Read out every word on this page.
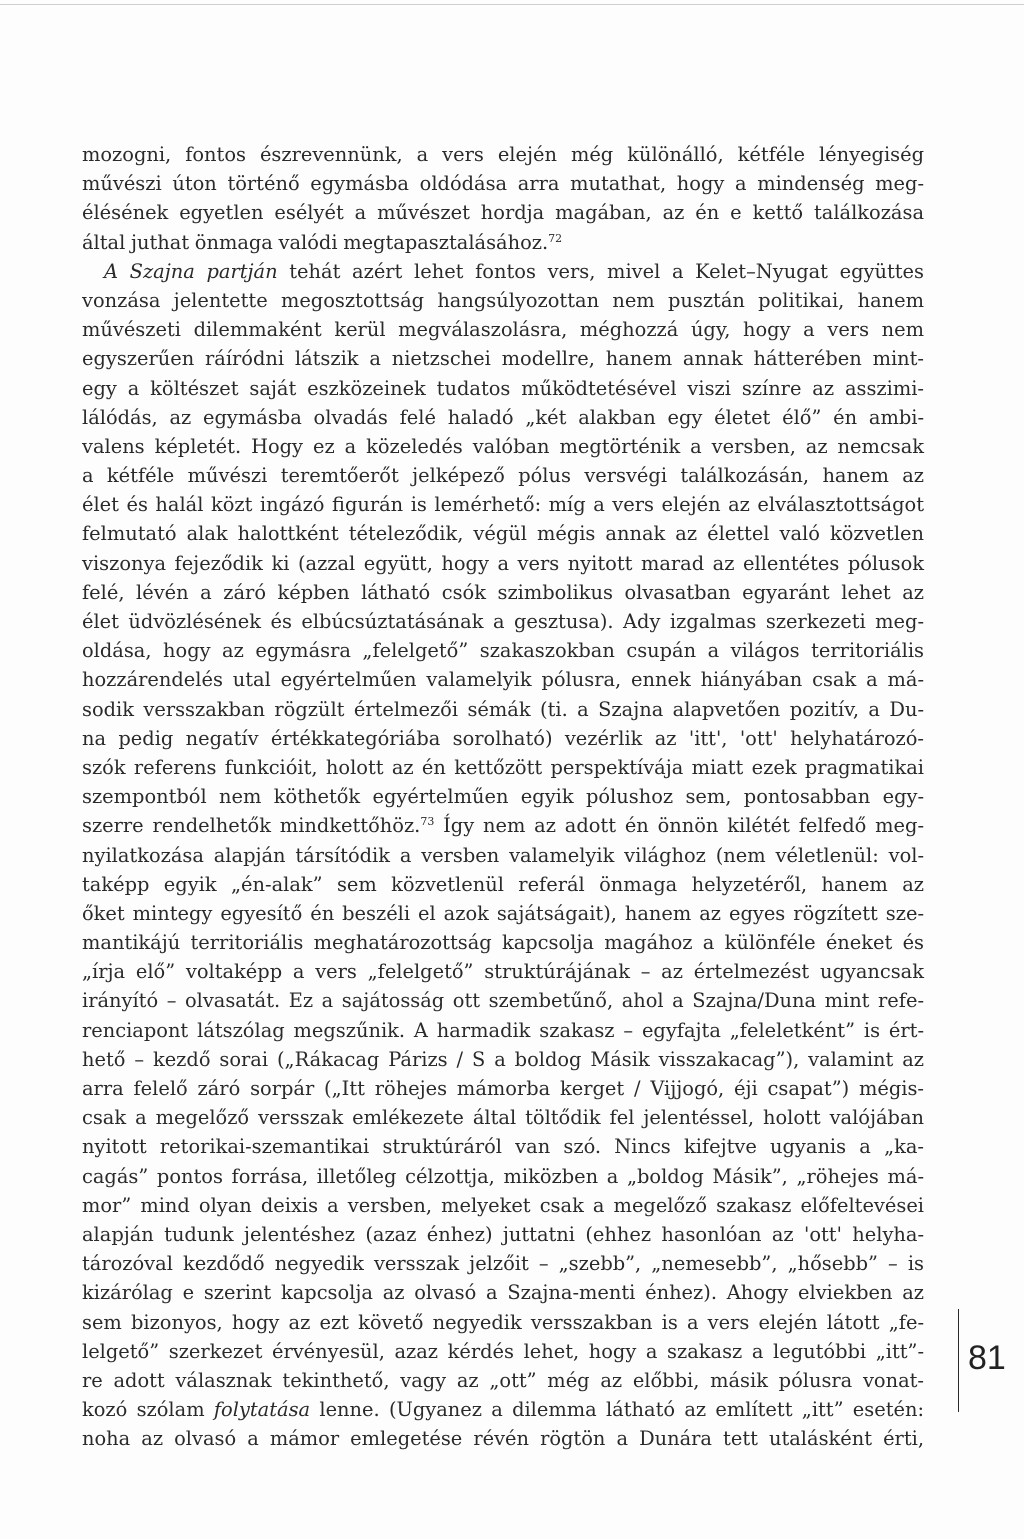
mozogni, fontos észrevennünk, a vers elején még különálló, kétféle lényegiség
művészi úton történő egymásba oldódása arra mutathat, hogy a mindenség meg-
élésének egyetlen esélyét a művészet hordja magában, az én e kettő találkozása
által juthat önmaga valódi megtapasztalásához.$^{72}$
A Szajna partján tehát azért lehet fontos vers, mivel a Kelet–Nyugat együttes
vonzása jelentette megosztottság hangsúlyozottan nem pusztán politikai, hanem
művészeti dilemmaként kerül megválaszolásra, méghozzá úgy, hogy a vers nem
egyszerűen ráíródni látszik a nietzschei modellre, hanem annak hátterében mint-
egy a költészet saját eszközeinek tudatos működtetésével viszi színre az asszimi-
lálódás, az egymásba olvadás felé haladó „két alakban egy életet élő” én ambi-
valens képletét. Hogy ez a közeledés valóban megtörténik a versben, az nemcsak
a kétféle művészi teremtőerőt jelképező pólus versvégi találkozásán, hanem az
élet és halál közt ingázó figurán is lemérhető: míg a vers elején az elválasztottságot
felmutató alak halottként tételeződik, végül mégis annak az élettel való közvetlen
viszonya fejeződik ki (azzal együtt, hogy a vers nyitott marad az ellentétes pólusok
felé, lévén a záró képben látható csók szimbolikus olvasatban egyaránt lehet az
élet üdvözlésének és elbúcsúztatásának a gesztusa). Ady izgalmas szerkezeti meg-
oldása, hogy az egymásra „felelgető” szakaszokban csupán a világos territoriális
hozzárendelés utal egyértelműen valamelyik pólusra, ennek hiányában csak a má-
sodik versszakban rögzült értelmezői sémák (ti. a Szajna alapvetően pozitív, a Du-
na pedig negatív értékkategóriába sorolható) vezérlik az 'itt', 'ott' helyhatározó-
szók referens funkcióit, holott az én kettőzött perspektívája miatt ezek pragmatikai
szempontból nem köthetők egyértelműen egyik pólushoz sem, pontosabban egy-
szerre rendelhetők mindkettőhöz.$^{73}$ Így nem az adott én önnön kilétét felfedő meg-
nyilatkozása alapján társítódik a versben valamelyik világhoz (nem véletlenül: vol-
taképp egyik „én-alak” sem közvetlenül referál önmaga helyzetéről, hanem az
őket mintegy egyesítő én beszéli el azok sajátságait), hanem az egyes rögzített sze-
mantikájú territoriális meghatározottság kapcsolja magához a különféle éneket és
„írja elő” voltaképp a vers „felelgető” struktúrájának – az értelmezést ugyancsak
irányító – olvasatát. Ez a sajátosság ott szembetűnő, ahol a Szajna/Duna mint refe-
renciapont látszólag megszűnik. A harmadik szakasz – egyfajta „feleletként” is ért-
hető – kezdő sorai („Rákacag Párizs / S a boldog Másik visszakacag”), valamint az
arra felelő záró sorpár („Itt röhejes mámorba kerget / Vijjogó, éji csapat”) mégis-
csak a megelőző versszak emlékezete által töltődik fel jelentéssel, holott valójában
nyitott retorikai-szemantikai struktúráról van szó. Nincs kifejtve ugyanis a „ka-
cagás” pontos forrása, illetőleg célzottja, miközben a „boldog Másik”, „röhejes má-
mor” mind olyan deixis a versben, melyeket csak a megelőző szakasz előfeltevései
alapján tudunk jelentéshez (azaz énhez) juttatni (ehhez hasonlóan az 'ott' helyha-
tározóval kezdődő negyedik versszak jelzőit – „szebb”, „nemesebb”, „hősebb” – is
kizárólag e szerint kapcsolja az olvasó a Szajna-menti énhez). Ahogy elviekben az
sem bizonyos, hogy az ezt követő negyedik versszakban is a vers elején látott „fe-
lelgető” szerkezet érvényesül, azaz kérdés lehet, hogy a szakasz a legutóbbi „itt”-
re adott válasznak tekinthető, vagy az „ott” még az előbbi, másik pólusra vonat-
kozó szólam folytatása lenne. (Ugyanez a dilemma látható az említett „itt” esetén:
noha az olvasó a mámor emlegetése révén rögtön a Dunára tett utalásként érti,
81
